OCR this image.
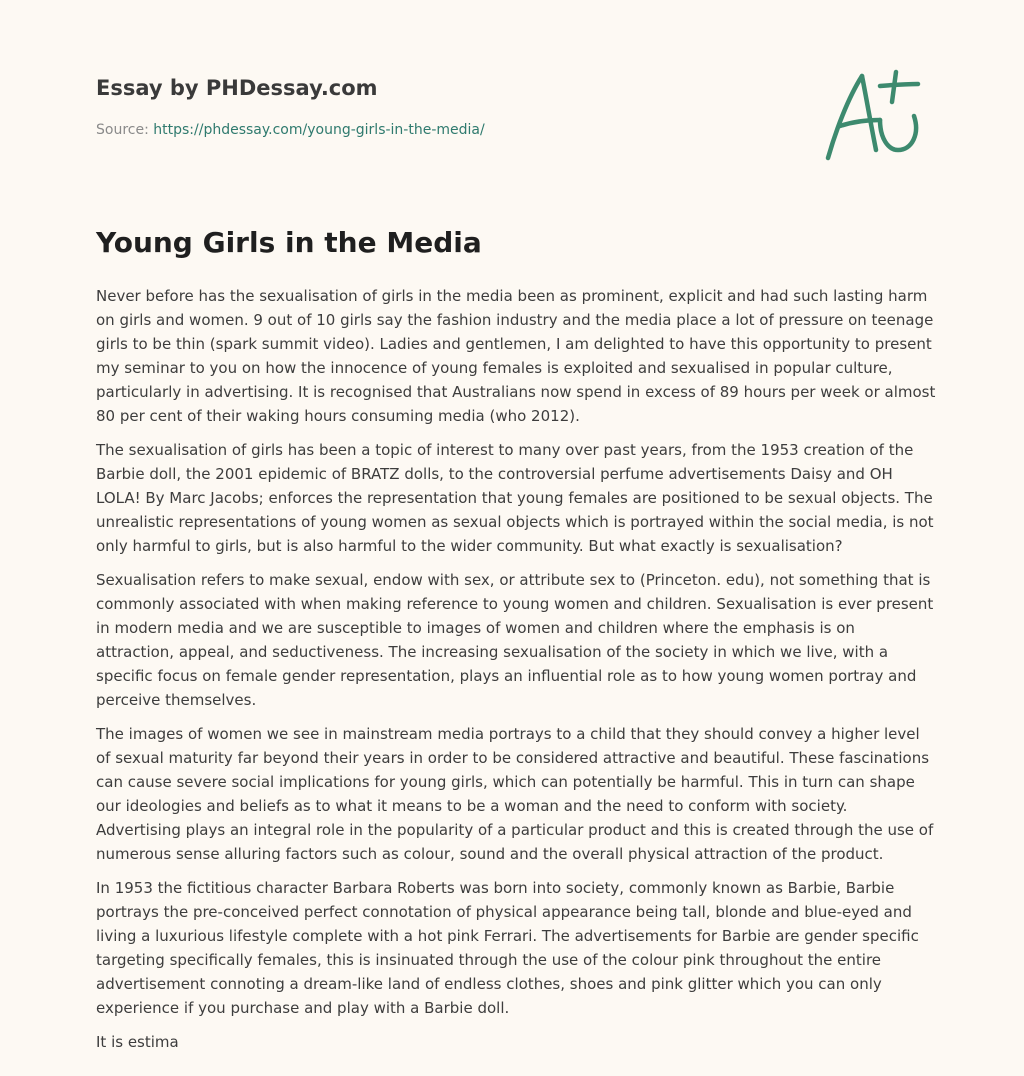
Essay by PHDessay.com
Source: https://phdessay.com/young-girls-in-the-media/
Young Girls in the Media

Never before has the sexualisation of girls in the media been as prominent, explicit and had such lasting harm on girls and women. 9 out of 10 girls say the fashion industry and the media place a lot of pressure on teenage girls to be thin (spark summit video). Ladies and gentlemen, I am delighted to have this opportunity to present my seminar to you on how the innocence of young females is exploited and sexualised in popular culture, particularly in advertising. It is recognised that Australians now spend in excess of 89 hours per week or almost 80 per cent of their waking hours consuming media (who 2012).

The sexualisation of girls has been a topic of interest to many over past years, from the 1953 creation of the Barbie doll, the 2001 epidemic of BRATZ dolls, to the controversial perfume advertisements Daisy and OH LOLA! By Marc Jacobs; enforces the representation that young females are positioned to be sexual objects. The unrealistic representations of young women as sexual objects which is portrayed within the social media, is not only harmful to girls, but is also harmful to the wider community. But what exactly is sexualisation?

Sexualisation refers to make sexual, endow with sex, or attribute sex to (Princeton. edu), not something that is commonly associated with when making reference to young women and children. Sexualisation is ever present in modern media and we are susceptible to images of women and children where the emphasis is on attraction, appeal, and seductiveness. The increasing sexualisation of the society in which we live, with a specific focus on female gender representation, plays an influential role as to how young women portray and perceive themselves.

The images of women we see in mainstream media portrays to a child that they should convey a higher level of sexual maturity far beyond their years in order to be considered attractive and beautiful. These fascinations can cause severe social implications for young girls, which can potentially be harmful. This in turn can shape our ideologies and beliefs as to what it means to be a woman and the need to conform with society. Advertising plays an integral role in the popularity of a particular product and this is created through the use of numerous sense alluring factors such as colour, sound and the overall physical attraction of the product.

In 1953 the fictitious character Barbara Roberts was born into society, commonly known as Barbie, Barbie portrays the pre-conceived perfect connotation of physical appearance being tall, blonde and blue-eyed and living a luxurious lifestyle complete with a hot pink Ferrari. The advertisements for Barbie are gender specific targeting specifically females, this is insinuated through the use of the colour pink throughout the entire advertisement connoting a dream-like land of endless clothes, shoes and pink glitter which you can only experience if you purchase and play with a Barbie doll.

It is estima
